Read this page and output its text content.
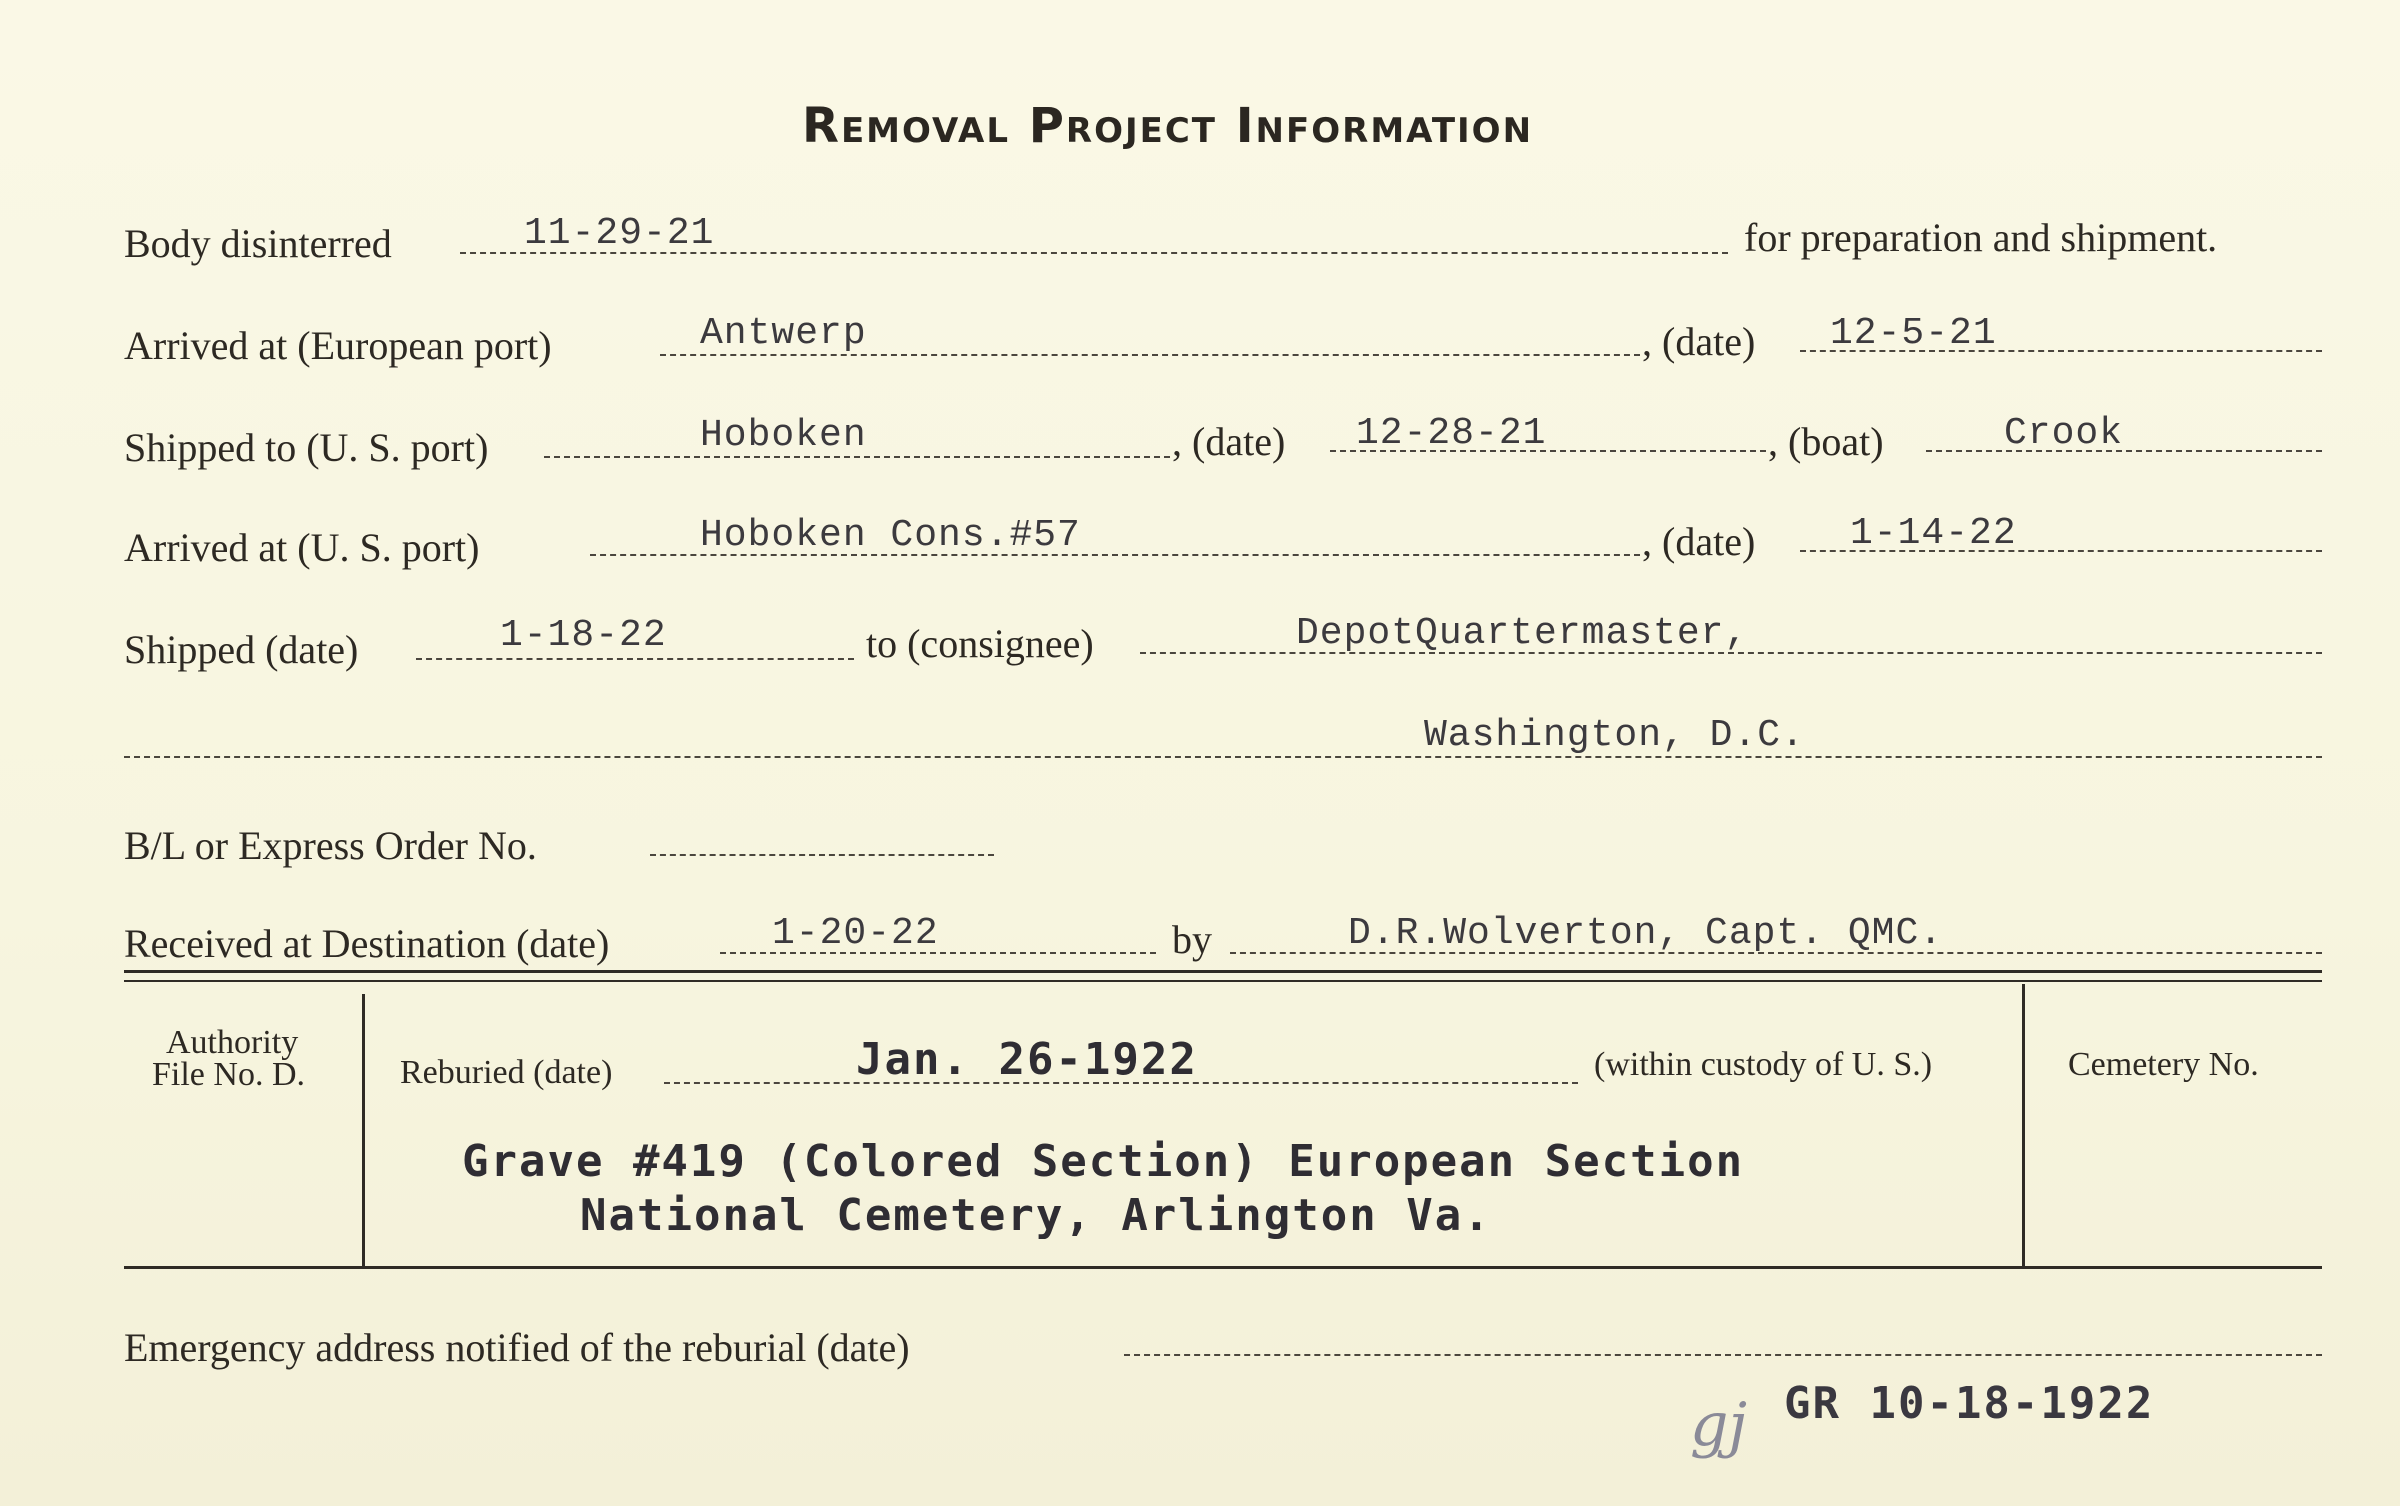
Removal Project Information
Body disinterred	11-29-21	for preparation and shipment.
Arrived at (European port)	Antwerp	, (date) 12-5-21
Shipped to (U. S. port)	Hoboken	, (date) 12-28-21	, (boat)	Crook
Arrived at (U. S. port)	Hoboken Cons.#57	, (date) 1-14-22
Shipped (date)	1-18-22	to (consignee)	DepotQuartermaster,
Washington, D.C.
B/L or Express Order No.
Received at Destination (date)	1-20-22	by	D.R.Wolverton, Capt. QMC.
Authority
File No. D.	Reburied (date)	Jan. 26-1922	(within custody of U. S.)	Cemetery No.
Grave #419 (Colored Section) European Section
National Cemetery, Arlington Va.
Emergency address notified of the reburial (date)
gj GR 10-18-1922
